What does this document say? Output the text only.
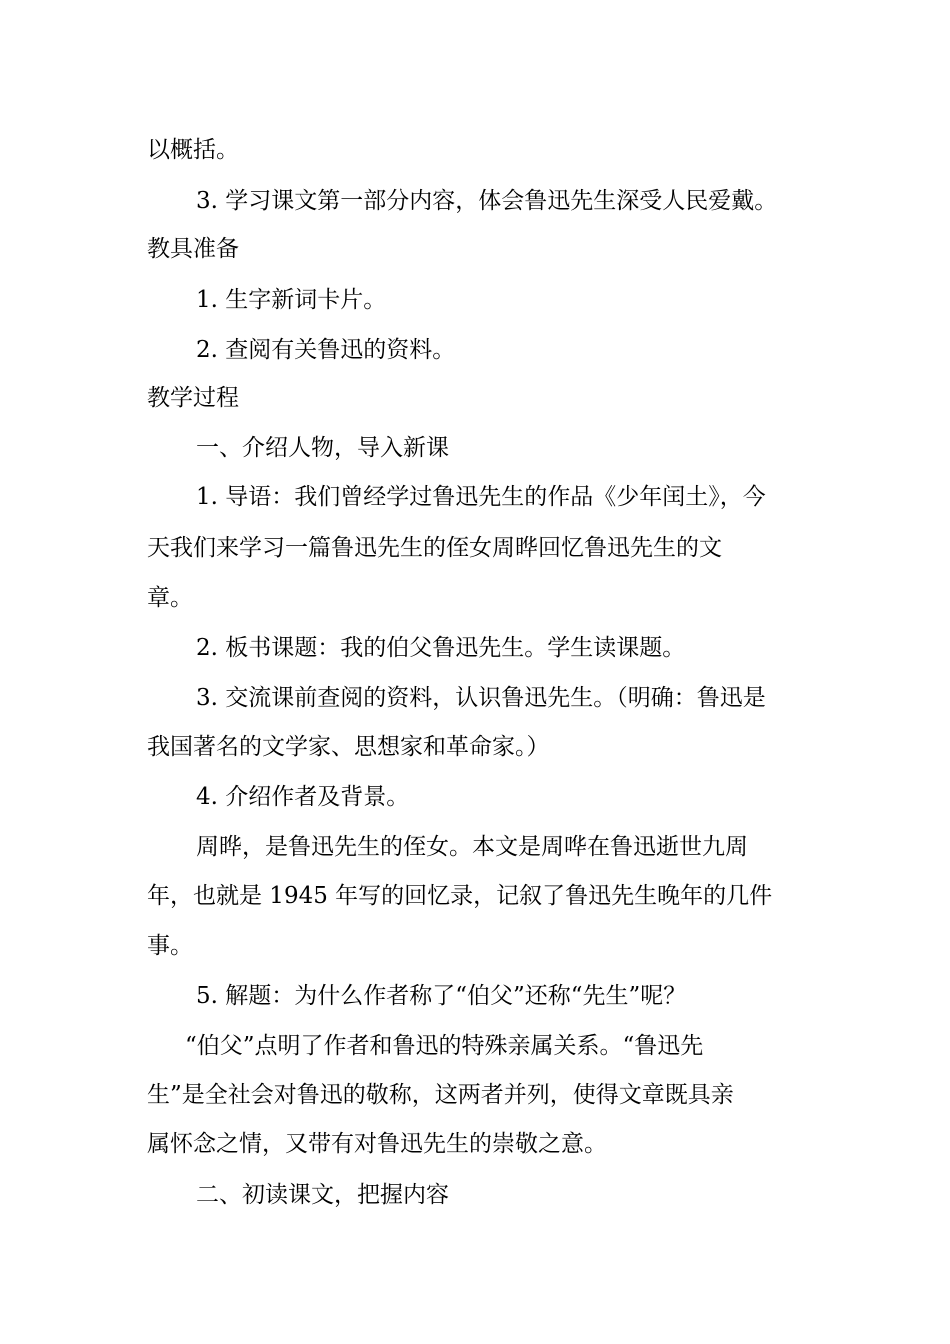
以概括。
3. 学习课文第一部分内容，体会鲁迅先生深受人民爱戴。
教具准备
1. 生字新词卡片。
2. 查阅有关鲁迅的资料。
教学过程
一、介绍人物，导入新课
1. 导语：我们曾经学过鲁迅先生的作品《少年闰土》，今
天我们来学习一篇鲁迅先生的侄女周晔回忆鲁迅先生的文
章。
2. 板书课题：我的伯父鲁迅先生。学生读课题。
3. 交流课前查阅的资料，认识鲁迅先生。（明确：鲁迅是
我国著名的文学家、思想家和革命家。）
4. 介绍作者及背景。
周晔，是鲁迅先生的侄女。本文是周哗在鲁迅逝世九周
年，也就是 1945 年写的回忆录，记叙了鲁迅先生晚年的几件
事。
5. 解题：为什么作者称了“伯父”还称“先生”呢？
“伯父”点明了作者和鲁迅的特殊亲属关系。“鲁迅先
生”是全社会对鲁迅的敬称，这两者并列，使得文章既具亲
属怀念之情，又带有对鲁迅先生的崇敬之意。
二、初读课文，把握内容
